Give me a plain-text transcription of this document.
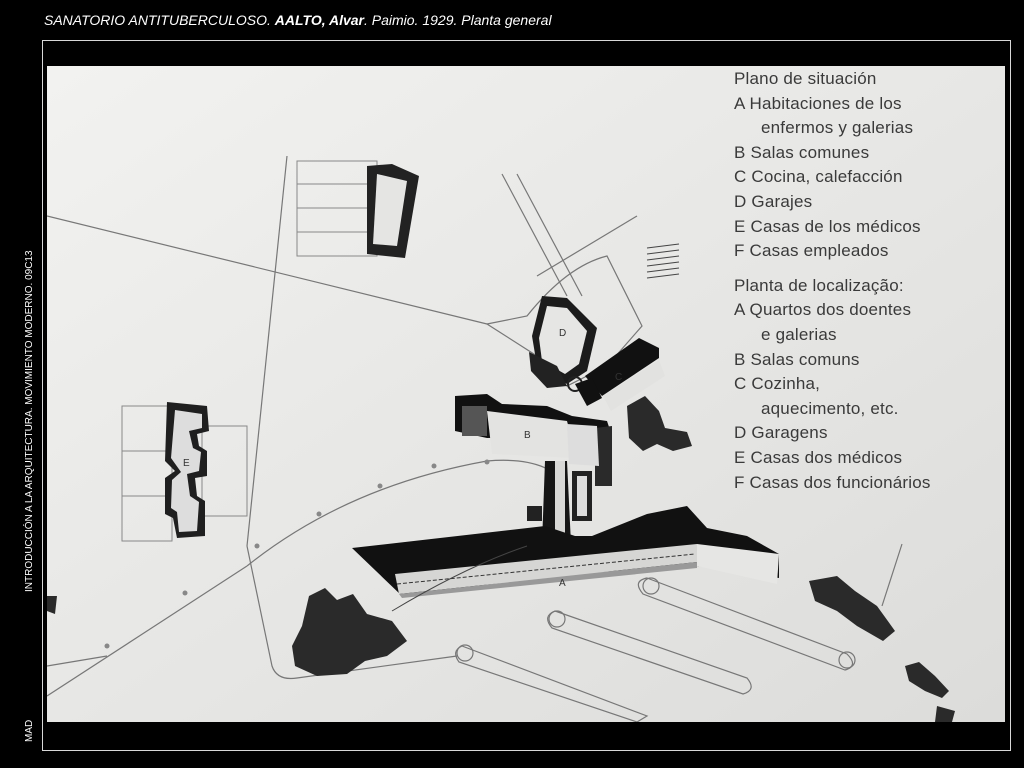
SANATORIO ANTITUBERCULOSO. AALTO, Alvar. Paimio. 1929. Planta general
INTRODUCCIÓN A LA ARQUITECTURA. MOVIMIENTO MODERNO. 09C13
MAD
A
B
C
D
E
Plano de situación
A Habitaciones de los
enfermos y galerias
B Salas comunes
C Cocina, calefacción
D Garajes
E Casas de los médicos
F Casas empleados
Planta de localização:
A Quartos dos doentes
e galerias
B Salas comuns
C Cozinha,
aquecimento, etc.
D Garagens
E Casas dos médicos
F Casas dos funcionários
